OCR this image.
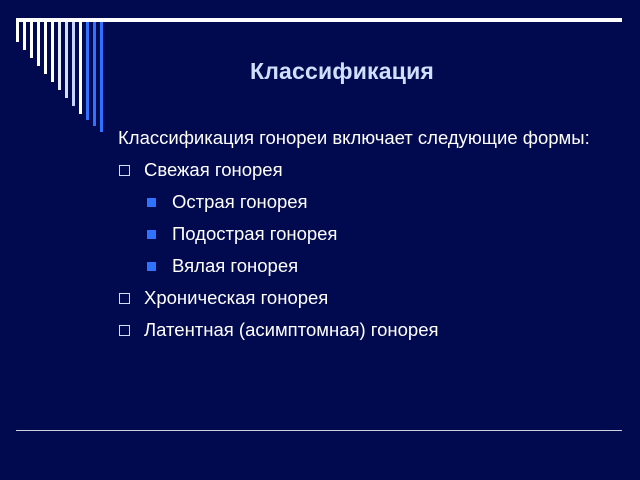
Классификация
Классификация гонореи включает следующие формы:
Свежая гонорея
Острая гонорея
Подострая гонорея
Вялая гонорея
Хроническая гонорея
Латентная (асимптомная) гонорея
